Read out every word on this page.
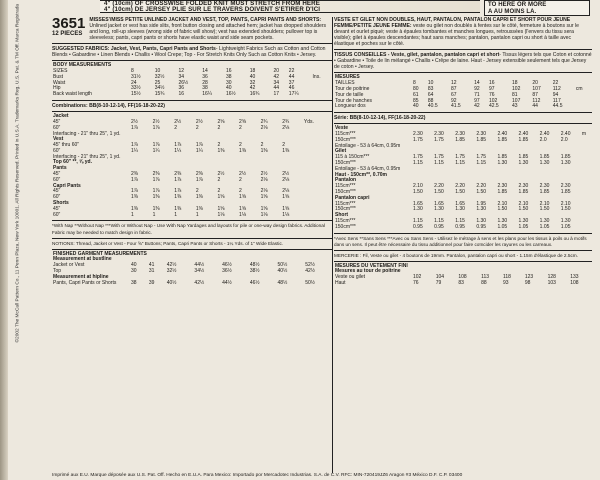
4" (10cm) OF CROSSWISE FOLDED KNIT MUST STRETCH FROM HERE
4" (10cm) DE JERSEY PLIE SUR LE TRAVERS DOIVENT S'ETIRER D'ICI
TO HERE OR MORE
A AU MOINS LA.
©2002 The McCall Pattern Co., 11 Penn Plaza, New York 10001. All Rights Reserved. Printed in U.S.A. Trademarks Reg. U.S. Pat. & TM Off. Marca Registrada 3651
12 PIECES
MISSES'/MISS PETITE UNLINED JACKET AND VEST, TOP, PANTS, CAPRI PANTS AND SHORTS: Unlined jacket or vest has side slits, front button closing and attached hem; jacket has dropped shoulders and long, roll-up sleeves (wrong side of fabric will show); vest has extended shoulders; pullover top is sleeveless; pants, capri pants or shorts have elastic waist and side seam pockets.
SUGGESTED FABRICS: Jacket, Vest, Pants, Capri Pants and Shorts- Lightweight Fabrics Such as Cotton and Cotton Blends • Gabardine • Linen Blends • Challis • Wool Crepe; Top - For Stretch Knits Only Such as Cotton Knits • Jersey.
BODY MEASUREMENTS									
SIZES	8	10	12	14	16	18	20	22	
Bust	31½	32½	34	36	38	40	42	44	Ins.
Waist	24	25	26½	28	30	32	34	37	
Hip	33½	34½	36	38	40	42	44	46	
Back waist length	15½	15¾	16	16¼	16½	16¾	17	17¼	
Combinations: BB(8-10-12-14), FF(16-18-20-22)
Jacket									
45"	2½	2½	2½	2½	2⅝	2⅝	2¾	2¾	Yds.
60"	1⅞	1⅞	2	2	2	2	2⅛	2⅛	
Interfacing - 21" thru 25", 1 yd.									
Vest									
45" thru 60"	1⅞	1⅞	1⅞	1⅞	2	2	2	2	
60"	1¼	1¼	1¼	1¼	1⅜	1⅜	1⅜	1⅜	
Interfacing - 21" thru 25", 1 yd.									
Top 60" **, ⅝ yd.									
Pants									
45"	2⅜	2⅜	2⅜	2⅜	2½	2½	2½	2½	
60"	1⅞	1⅞	1⅞	1⅞	2	2	2⅛	2⅛	
Capri Pants									
45"	1⅞	1⅞	1⅞	2	2	2	2⅛	2⅛	
60"	1⅜	1⅜	1⅜	1⅜	1⅝	1⅝	1⅝	1⅝	
Shorts									
45"	1⅜	1⅜	1⅜	1⅜	1⅝	1⅝	1⅝	1⅝	
60"	1	1	1	1	1⅛	1⅛	1⅛	1⅛	
*With Nap **Without Nap ***With or Without Nap - Use With Nap Yardages and layouts for pile or one-way design fabrics. Additional Fabric may be needed to match design in fabric.
NOTIONS: Thread, Jacket or Vest - Four ⅝" Buttons; Pants, Capri Pants or Shorts - 1¼ Yds. of 1" Wide Elastic.
FINISHED GARMENT MEASUREMENTS								
Measurement at bustline								
Jacket or Vest	40	41	42½	44½	46½	48½	50½	52½
Top	30	31	32½	34½	36½	38½	40½	42½
Measurement at hipline								
Pants, Capri Pants or Shorts	38	39	40½	42½	44½	46½	48½	50½
VESTE ET GILET NON DOUBLES, HAUT, PANTALON, PANTALON CAPRI ET SHORT POUR JEUNE FEMME/PETITE JEUNE FEMME: veste ou gilet non doublés à fentes sur le côté, fermeture à boutons sur le devant et ourlet piqué; veste à épaules tombantes et manches longues, retroussées (l'envers du tissu sera visible); gilet à épaules descendantes; haut sans manches; pantalon, pantalon capri ou short à taille avec élastique et poches sur le côté.
TISSUS CONSEILLES - Veste, gilet, pantalon, pantalon capri et short- Tissus légers tels que Coton et cotonné • Gabardine • Toile de lin mélangé • Challis • Crêpe de laine. Haut - Jersey extensible seulement tels que Jersey de coton • Jersey.
MESURES									
TAILLES	8	10	12	14	16	18	20	22	
Tour de poitrine	80	83	87	92	97	102	107	112	cm
Tour de taille	61	64	67	71	76	81	87	94	
Tour de hanches	85	88	92	97	102	107	112	117	
Longueur dos	40	40.5	41.5	42	42.5	43	44	44.5	
Série: BB(8-10-12-14), FF(16-18-20-22)
Veste									
115cm***	2.30	2.30	2.30	2.30	2.40	2.40	2.40	2.40	m
150cm***	1.75	1.75	1.85	1.85	1.85	1.85	2.0	2.0	
Entoilage - 53 à 64cm, 0.95m									
Gilet									
115 à 150cm***	1.75	1.75	1.75	1.75	1.85	1.85	1.85	1.85	
150cm***	1.15	1.15	1.15	1.15	1.30	1.30	1.30	1.30	
Entoilage - 53 à 64cm, 0.95m									
Haut - 150cm**, 0.70m									
Pantalon									
115cm***	2.10	2.20	2.20	2.20	2.30	2.30	2.30	2.30	
150cm***	1.50	1.50	1.50	1.50	1.85	1.85	1.85	1.85	
Pantalon capri									
115cm***	1.65	1.65	1.65	1.95	2.10	2.10	2.10	2.10	
150cm***	1.30	1.30	1.30	1.30	1.50	1.50	1.50	1.50	
Short									
115cm***	1.15	1.15	1.15	1.30	1.30	1.30	1.30	1.30	
150cm***	0.95	0.95	0.95	0.95	1.05	1.05	1.05	1.05	
*Avec Sens **Sans Sens ***Avec ou Sans Sens - Utilisez le métrage à sens et les plans pour les tissus à poils ou à motifs dans un sens. Il peut être nécessaire du tissu additionnel pour faire coïncider les rayures ou les carreaux.
MERCERIE : Fil, Veste ou gilet - 4 boutons de 19mm. Pantalon, pantalon capri ou short - 1.15m d'élastique de 2.5cm.
MESURES DU VETEMENT FINI								
Mesures au tour de poitrine								
Veste ou gilet	102	104	108	113	118	123	128	133
Haut	76	79	83	88	93	98	103	108
Imprimé aux E.U. Marque déposée aux U.S. Pat. Off. Hecho en E.U.A. Para Mexico: Importado por Mercadotec Industrias. S.A. de C.V. RFC: MIN-720419JZ6 Aragon #3 México D.F. C.P. 03400
